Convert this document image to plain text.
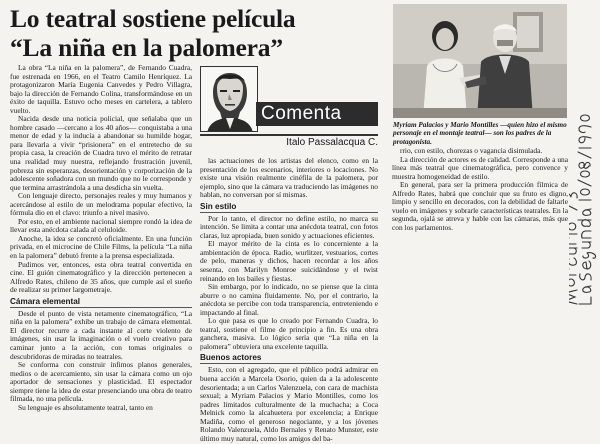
Lo teatral sostiene película
“La niña en la palomera”

La obra “La niña en la palomera”, de Fernando Cuadra, fue estrenada en 1966, en el Teatro Camilo Henríquez. La protagonizaron María Eugenia Canvedes y Pedro Villagra, bajo la dirección de Fernando Colina, transformándose en un éxito de taquilla. Estuvo ocho meses en cartelera, a tablero vuelto.

Nacida desde una noticia policial, que señalaba que un hombre casado —cercano a los 40 años— conquistaba a una menor de edad y la inducía a abandonar su humilde hogar, para llevarla a vivir “prisionera” en el entretecho de su propia casa, la creación de Cuadra tuvo el mérito de retratar una realidad muy nuestra, reflejando frustración juvenil, pobreza sin esperanzas, desorientación y corporización de la adolescente soñadora con un mundo que no le corresponde y que termina arrastrándola a una desdicha sin vuelta.

Con lenguaje directo, personajes reales y muy humanos y acercándose al estilo de un melodrama popular efectivo, la fórmula dio en el clavo: triunfo a nivel masivo.

Por esto, en el ambiente nacional siempre rondó la idea de llevar esta anécdota calada al celuloide.

Anoche, la idea se concretó oficialmente. En una función privada, en el microcine de Chile Films, la película “La niña en la palomera” debutó frente a la prensa especializada.

Pudimos ver, entonces, esta obra teatral convertida en cine. El guión cinematográfico y la dirección pertenecen a Alfredo Rates, chileno de 35 años, que cumple así el sueño de realizar su primer largometraje.

Cámara elemental

Desde el punto de vista netamente cinematográfico, “La niña en la palomera” exhibe un trabajo de cámara elemental. El director recurre a cada instante al corte violento de imágenes, sin usar la imaginación o el vuelo creativo para caminar junto a la acción, con tomas originales o descubridoras de miradas no teatrales.

Se conforma con construir ínfimos planos generales, medios o de acercamiento, sin usar la cámara como un ojo aportador de sensaciones y plasticidad. El espectador siempre tiene la idea de estar presenciando una obra de teatro filmada, no una película.

Su lenguaje es absolutamente teatral, tanto en

Comenta
Italo Passalacqua C.

las actuaciones de los artistas del elenco, como en la presentación de los escenarios, interiores o locaciones. No existe una visión realmente cinéfila de la palomera, por ejemplo, sino que la cámara va traduciendo las imágenes no hablan, no conversan por sí mismas.

Sin estilo

Por lo tanto, el director no define estilo, no marca su intención. Se limita a contar una anécdota teatral, con fotos claras, luz apropiada, buen sonido y actuaciones eficientes.

El mayor mérito de la cinta es lo concerniente a la ambientación de época. Radio, wurlitzer, vestuarios, cortes de pelo, maneras y dichos, hacen recordar a los años sesenta, con Marilyn Monroe suicidándose y el twist reinando en los bailes y fiestas.

Sin embargo, por lo indicado, no se piense que la cinta aburre o no camina fluidamente. No, por el contrario, la anécdota se percibe con toda transparencia, entreteniendo e impactando al final.

Lo que pasa es que lo creado por Fernando Cuadra, lo teatral, sostiene el filme de principio a fin. Es una obra ganchera, masiva. Lo lógico sería que “La niña en la palomera” obtuviera una excelente taquilla.

Buenos actores

Esto, con el agregado, que el público podrá admirar en buena acción a Marcela Osorio, quien da a la adolescente desorientada; a un Carlos Valenzuela, con cara de machista sexual; a Myriam Palacios y Mario Montilles, como los padres limitados culturalmente de la muchacha; a Coca Melnick como la alcahuetera por excelencia; a Enrique Madiña, como el generoso negociante, y a los jóvenes Rolando Valenzuela, Aldo Bernales y Renato Munster, este último muy natural, como los amigos del ba-

Myriam Palacios y Mario Montilles —quien hizo el mismo personaje en el montaje teatral— son los padres de la protagonista.

rrio, con estilo, chorezas o vagancia disimulada.

La dirección de actores es de calidad. Corresponde a una línea más teatral que cinematográfica, pero convence y muestra homogeneidad de estilo.

En general, para ser la primera producción fílmica de Alfredo Rates, habrá que concluir que su fruto es digno, limpio y sencillo en decorados, con la debilidad de faltarle vuelo en imágenes y sobrarle características teatrales. En la segunda, ojalá se atreva y hable con las cámaras, más que con los parlamentos.
